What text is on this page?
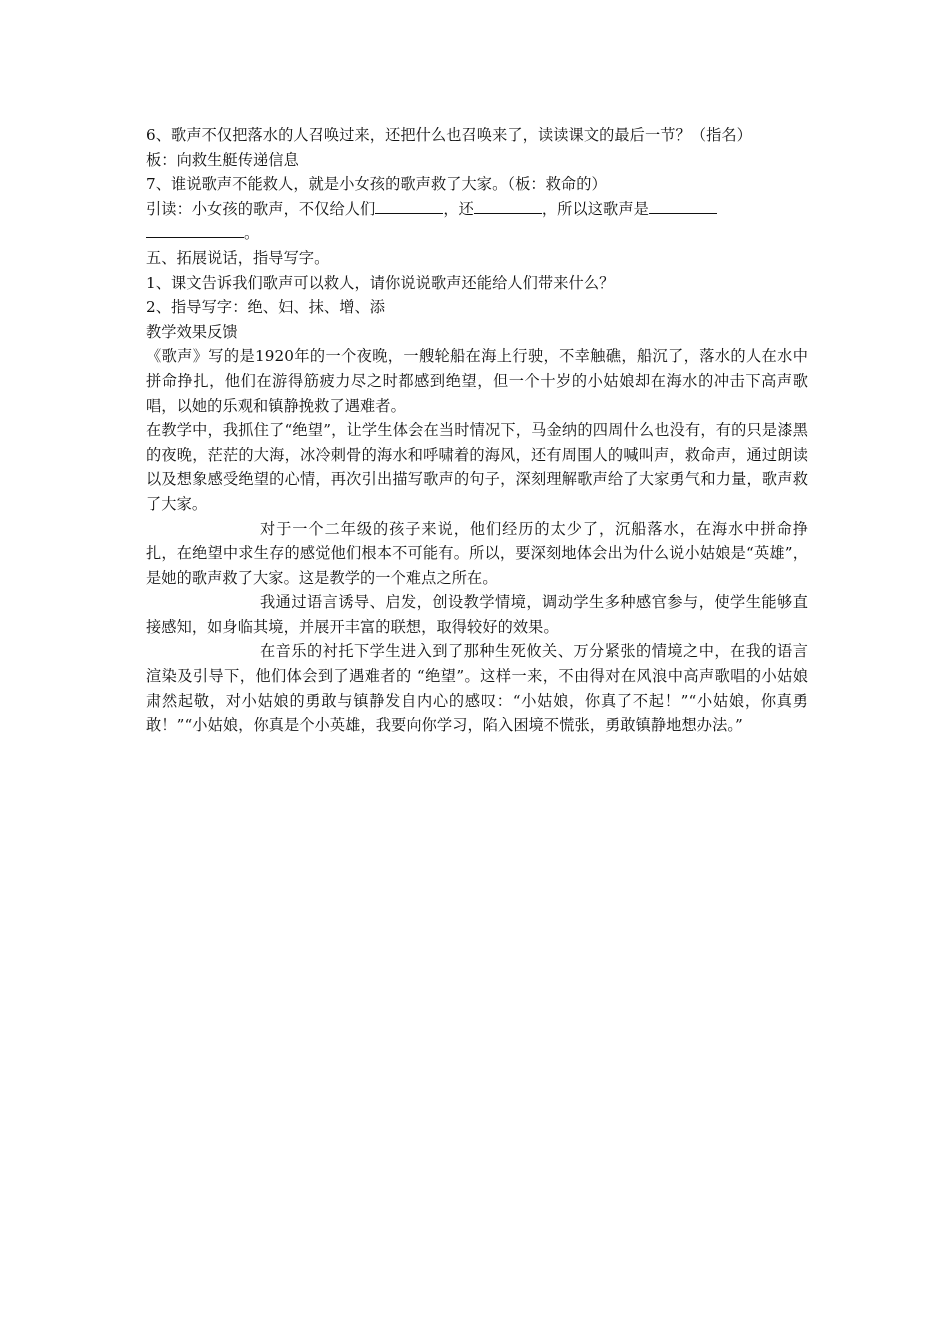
6、歌声不仅把落水的人召唤过来，还把什么也召唤来了，读读课文的最后一节？（指名）
板：向救生艇传递信息
7、谁说歌声不能救人，就是小女孩的歌声救了大家。（板：救命的）
引读：小女孩的歌声，不仅给人们	，还	，所以这歌声是
。
五、拓展说话，指导写字。
1、课文告诉我们歌声可以救人，请你说说歌声还能给人们带来什么？
2、指导写字：绝、妇、抹、增、添
教学效果反馈
《歌声》写的是1920年的一个夜晚，一艘轮船在海上行驶，不幸触礁，船沉了，落水的人在水中拼命挣扎，他们在游得筋疲力尽之时都感到绝望，但一个十岁的小姑娘却在海水的冲击下高声歌唱，以她的乐观和镇静挽救了遇难者。
在教学中，我抓住了“绝望”，让学生体会在当时情况下，马金纳的四周什么也没有，有的只是漆黑的夜晚，茫茫的大海，冰冷刺骨的海水和呼啸着的海风，还有周围人的喊叫声，救命声，通过朗读以及想象感受绝望的心情，再次引出描写歌声的句子，深刻理解歌声给了大家勇气和力量，歌声救了大家。
对于一个二年级的孩子来说，他们经历的太少了，沉船落水，在海水中拼命挣扎，在绝望中求生存的感觉他们根本不可能有。所以，要深刻地体会出为什么说小姑娘是“英雄”，是她的歌声救了大家。这是教学的一个难点之所在。
我通过语言诱导、启发，创设教学情境，调动学生多种感官参与，使学生能够直接感知，如身临其境，并展开丰富的联想，取得较好的效果。
在音乐的衬托下学生进入到了那种生死攸关、万分紧张的情境之中，在我的语言渲染及引导下，他们体会到了遇难者的 “绝望”。这样一来，不由得对在风浪中高声歌唱的小姑娘肃然起敬，对小姑娘的勇敢与镇静发自内心的感叹：“小姑娘，你真了不起！”“小姑娘，你真勇敢！”“小姑娘，你真是个小英雄，我要向你学习，陷入困境不慌张，勇敢镇静地想办法。”
